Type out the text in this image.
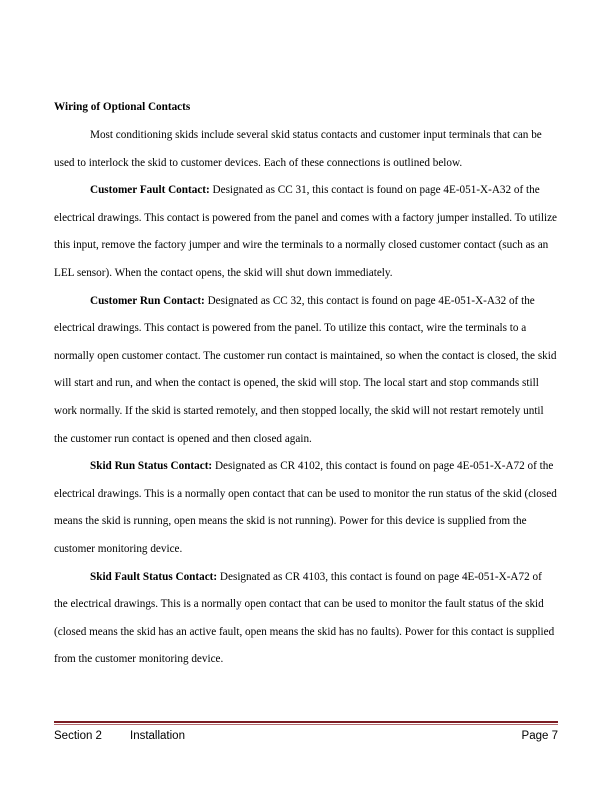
Wiring of Optional Contacts

Most conditioning skids include several skid status contacts and customer input terminals that can be used to interlock the skid to customer devices. Each of these connections is outlined below.

Customer Fault Contact: Designated as CC 31, this contact is found on page 4E-051-X-A32 of the electrical drawings. This contact is powered from the panel and comes with a factory jumper installed. To utilize this input, remove the factory jumper and wire the terminals to a normally closed customer contact (such as an LEL sensor). When the contact opens, the skid will shut down immediately.

Customer Run Contact: Designated as CC 32, this contact is found on page 4E-051-X-A32 of the electrical drawings. This contact is powered from the panel. To utilize this contact, wire the terminals to a normally open customer contact. The customer run contact is maintained, so when the contact is closed, the skid will start and run, and when the contact is opened, the skid will stop. The local start and stop commands still work normally. If the skid is started remotely, and then stopped locally, the skid will not restart remotely until the customer run contact is opened and then closed again.

Skid Run Status Contact: Designated as CR 4102, this contact is found on page 4E-051-X-A72 of the electrical drawings. This is a normally open contact that can be used to monitor the run status of the skid (closed means the skid is running, open means the skid is not running). Power for this device is supplied from the customer monitoring device.

Skid Fault Status Contact: Designated as CR 4103, this contact is found on page 4E-051-X-A72 of the electrical drawings. This is a normally open contact that can be used to monitor the fault status of the skid (closed means the skid has an active fault, open means the skid has no faults). Power for this contact is supplied from the customer monitoring device.

Section 2 Installation	Page 7
